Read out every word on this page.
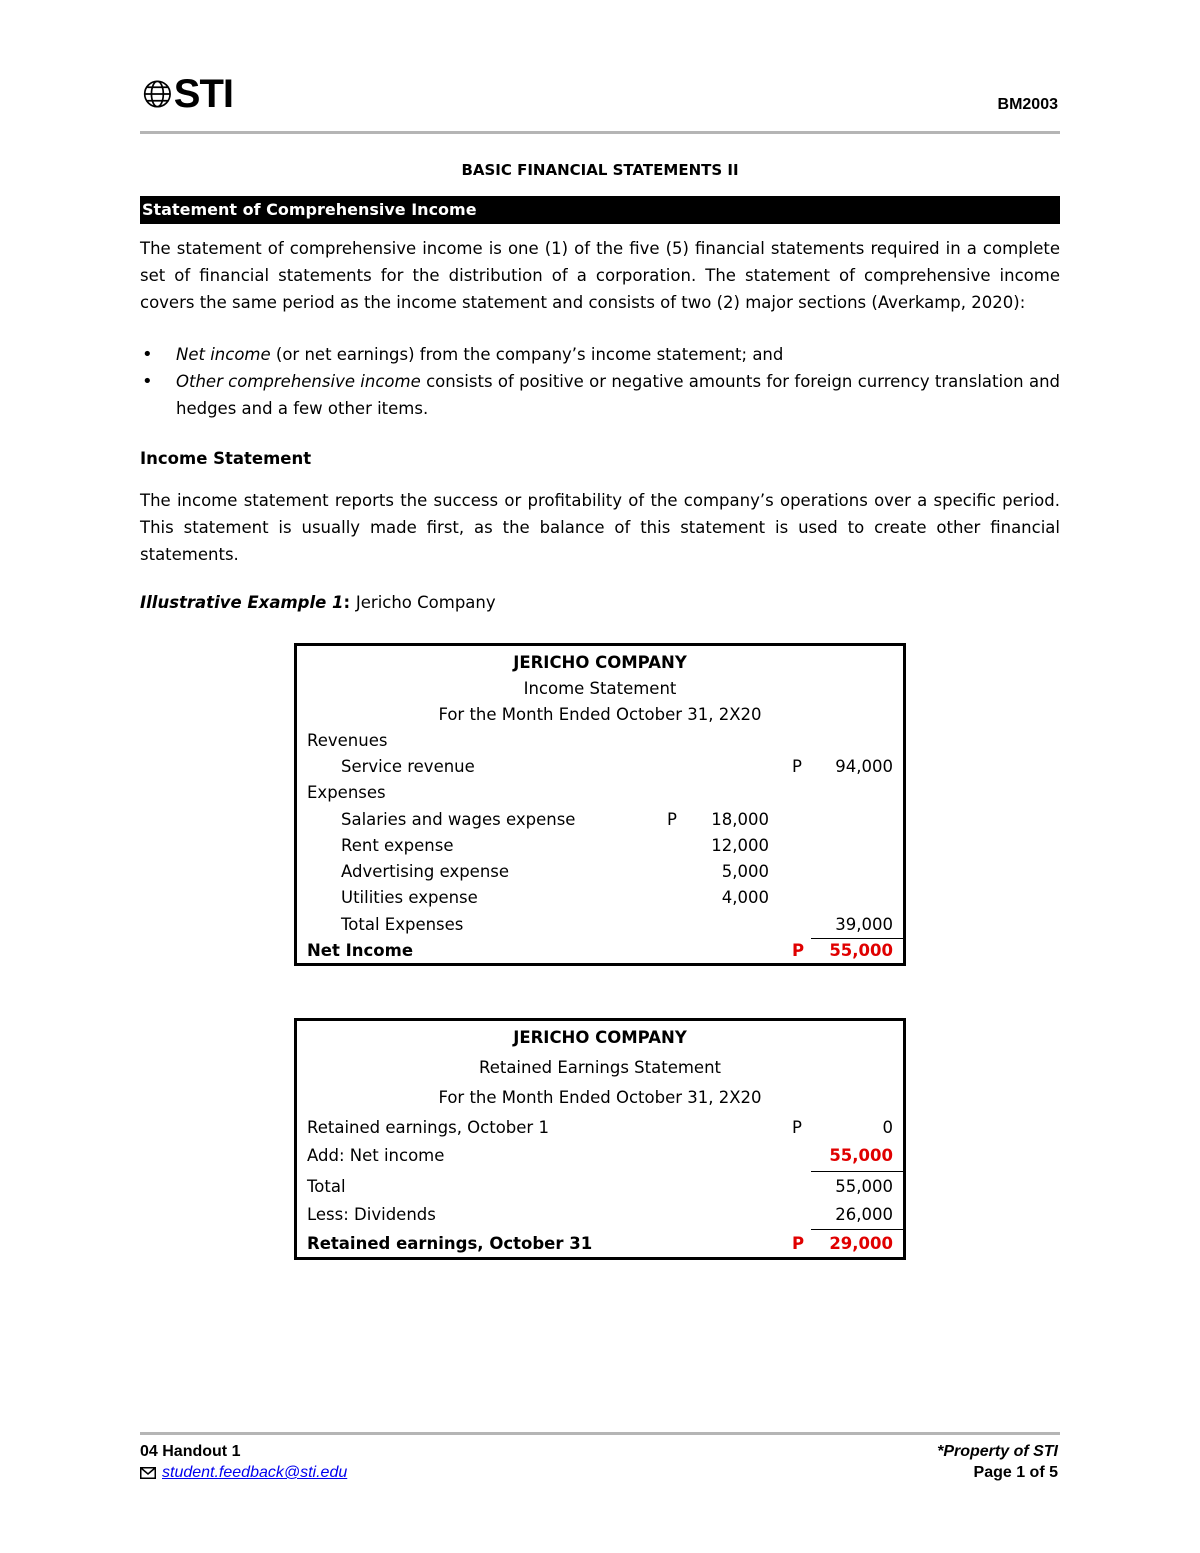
STI	BM2003
BASIC FINANCIAL STATEMENTS II
Statement of Comprehensive Income
The statement of comprehensive income is one (1) of the five (5) financial statements required in a complete set of financial statements for the distribution of a corporation. The statement of comprehensive income covers the same period as the income statement and consists of two (2) major sections (Averkamp, 2020):
• Net income (or net earnings) from the company’s income statement; and
• Other comprehensive income consists of positive or negative amounts for foreign currency translation and hedges and a few other items.
Income Statement
The income statement reports the success or profitability of the company’s operations over a specific period. This statement is usually made first, as the balance of this statement is used to create other financial statements.
Illustrative Example 1: Jericho Company
JERICHO COMPANY
Income Statement
For the Month Ended October 31, 2X20
Revenues
Service revenue	P 94,000
Expenses
Salaries and wages expense	P 18,000
Rent expense	12,000
Advertising expense	5,000
Utilities expense	4,000
Total Expenses	39,000
Net Income	P 55,000
JERICHO COMPANY
Retained Earnings Statement
For the Month Ended October 31, 2X20
Retained earnings, October 1	P	0
Add: Net income	55,000
Total	55,000
Less: Dividends	26,000
Retained earnings, October 31	P 29,000
04 Handout 1
student.feedback@sti.edu
*Property of STI
Page 1 of 5
